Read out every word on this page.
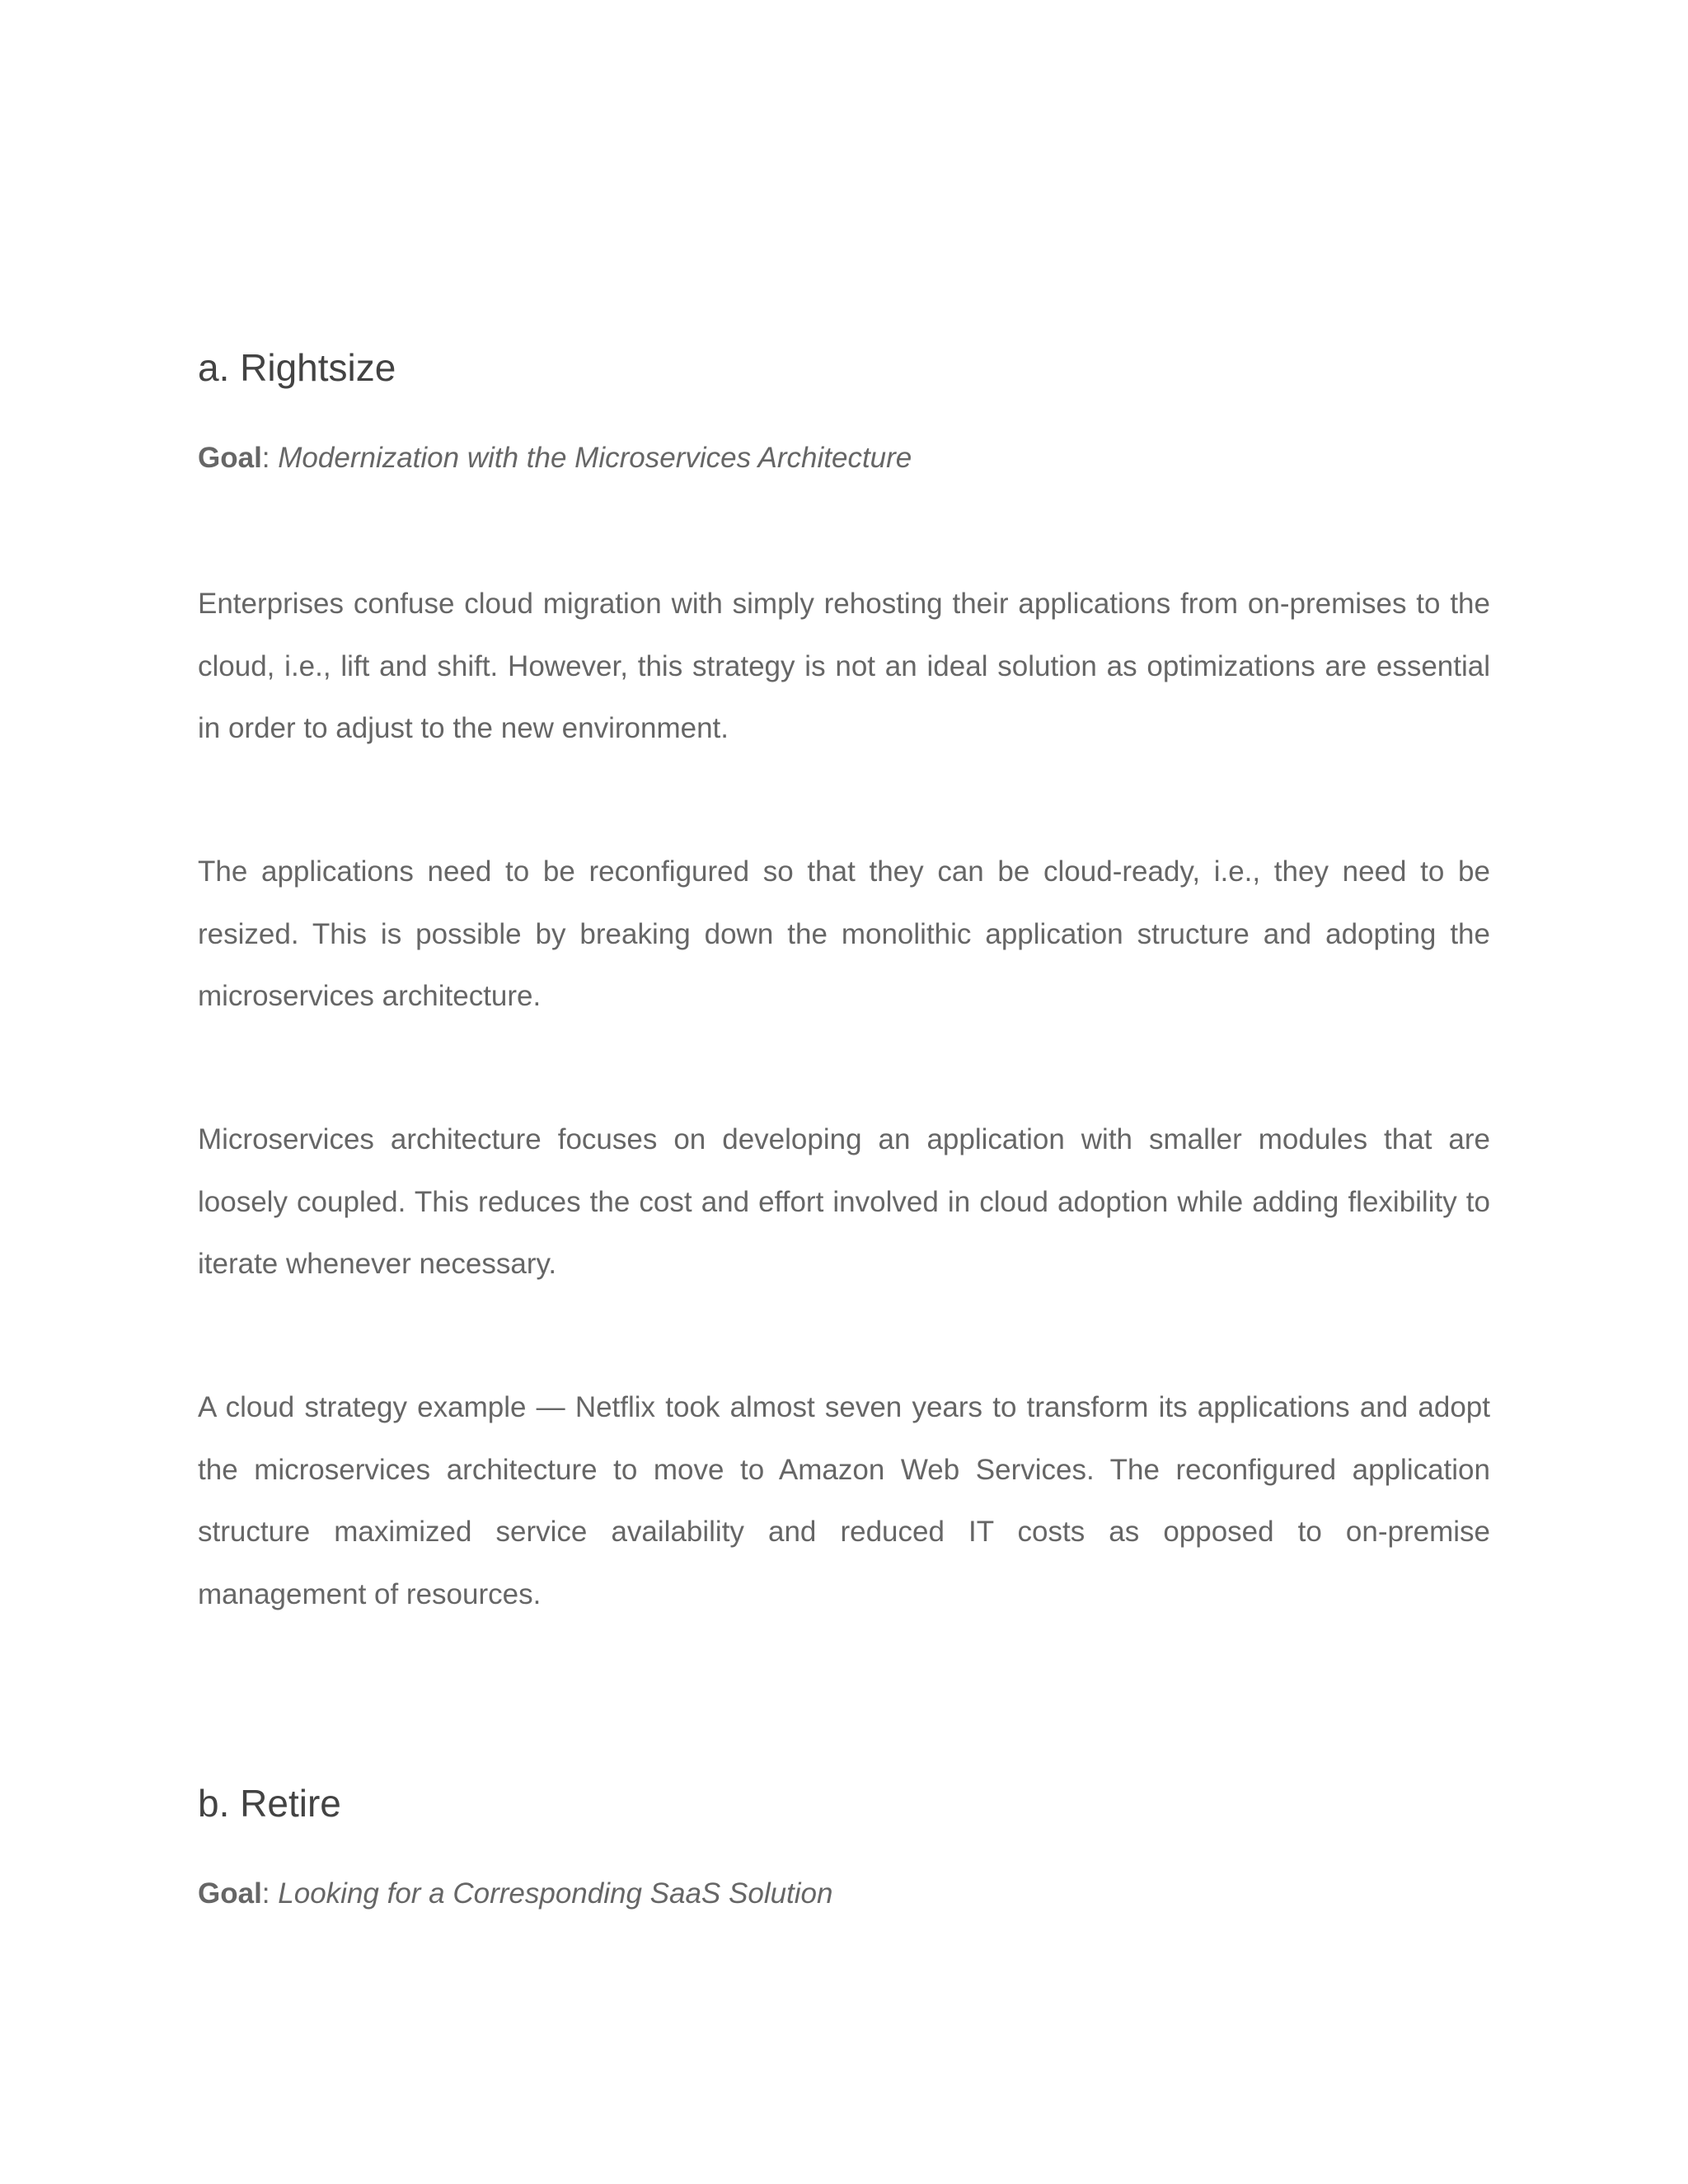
a. Rightsize

Goal: Modernization with the Microservices Architecture

Enterprises confuse cloud migration with simply rehosting their applications from on-premises to the cloud, i.e., lift and shift. However, this strategy is not an ideal solution as optimizations are essential in order to adjust to the new environment.

The applications need to be reconfigured so that they can be cloud-ready, i.e., they need to be resized. This is possible by breaking down the monolithic application structure and adopting the microservices architecture.

Microservices architecture focuses on developing an application with smaller modules that are loosely coupled. This reduces the cost and effort involved in cloud adoption while adding flexibility to iterate whenever necessary.

A cloud strategy example — Netflix took almost seven years to transform its applications and adopt the microservices architecture to move to Amazon Web Services. The reconfigured application structure maximized service availability and reduced IT costs as opposed to on-premise management of resources.

b. Retire

Goal: Looking for a Corresponding SaaS Solution
